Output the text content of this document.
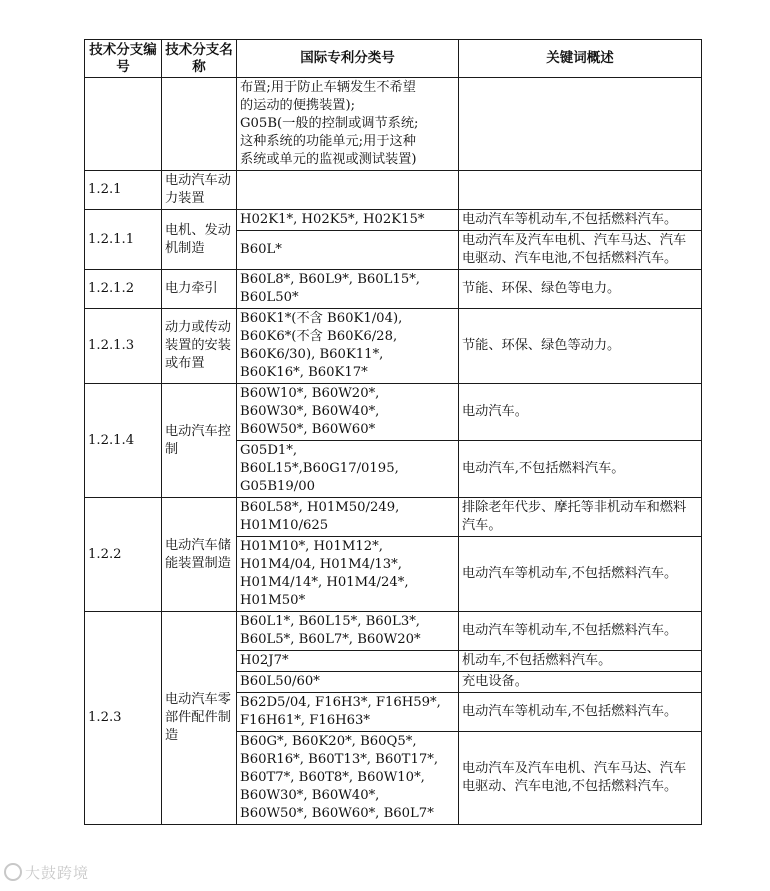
技术分支编号	技术分支名称	国际专利分类号	关键词概述

		布置;用于防止车辆发生不希望
的运动的便携装置);
G05B(一般的控制或调节系统;
这种系统的功能单元;用于这种
系统或单元的监视或测试装置)	

1.2.1	电动汽车动力装置		
1.2.1.1	电机、发动机制造	H02K1*, H02K5*, H02K15*	电动汽车等机动车,不包括燃料汽车。

		B60L*	电动汽车及汽车电机、汽车马达、汽车电驱动、汽车电池,不包括燃料汽车。
1.2.1.2	电力牵引	B60L8*, B60L9*, B60L15*,
B60L50*	节能、环保、绿色等电力。
1.2.1.3	动力或传动装置的安装或布置	B60K1*(不含 B60K1/04),
B60K6*(不含 B60K6/28,
B60K6/30), B60K11*,
B60K16*, B60K17*	节能、环保、绿色等动力。
1.2.1.4	电动汽车控制	B60W10*, B60W20*,
B60W30*, B60W40*,
B60W50*, B60W60*	电动汽车。

		G05D1*,
B60L15*,B60G17/0195,
G05B19/00	电动汽车,不包括燃料汽车。
1.2.2	电动汽车储能装置制造	B60L58*, H01M50/249,
H01M10/625	排除老年代步、摩托等非机动车和燃料汽车。

		H01M10*, H01M12*,
H01M4/04, H01M4/13*,
H01M4/14*, H01M4/24*,
H01M50*	电动汽车等机动车,不包括燃料汽车。
1.2.3	电动汽车零部件配件制造	B60L1*, B60L15*, B60L3*,
B60L5*, B60L7*, B60W20*	电动汽车等机动车,不包括燃料汽车。

		H02J7*	机动车,不包括燃料汽车。

		B60L50/60*	充电设备。

		B62D5/04, F16H3*, F16H59*,
F16H61*, F16H63*	电动汽车等机动车,不包括燃料汽车。

		B60G*, B60K20*, B60Q5*,
B60R16*, B60T13*, B60T17*,
B60T7*, B60T8*, B60W10*,
B60W30*, B60W40*,
B60W50*, B60W60*, B60L7*	电动汽车及汽车电机、汽车马达、汽车电驱动、汽车电池,不包括燃料汽车。
大鼓跨境
